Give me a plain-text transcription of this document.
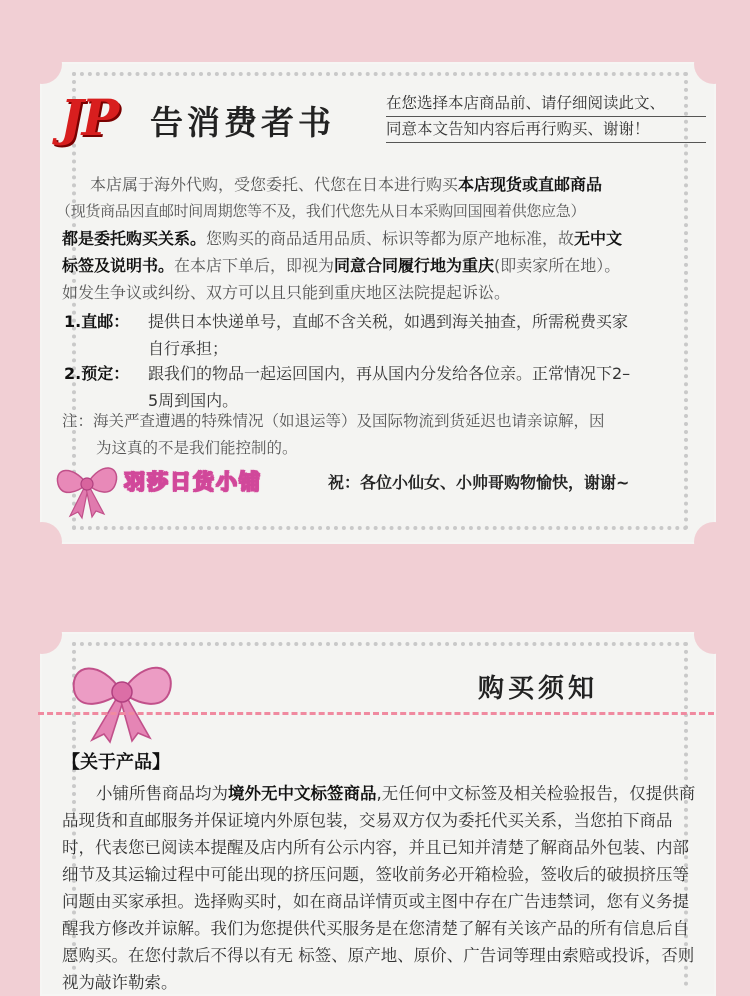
JP 告消费者书	在您选择本店商品前、请仔细阅读此文、
同意本文告知内容后再行购买、谢谢！
本店属于海外代购，受您委托、代您在日本进行购买本店现货或直邮商品
（现货商品因直邮时间周期您等不及，我们代您先从日本采购回国囤着供您应急）
都是委托购买关系。您购买的商品适用品质、标识等都为原产地标准，故无中文
标签及说明书。在本店下单后，即视为同意合同履行地为重庆(即卖家所在地）。
如发生争议或纠纷、双方可以且只能到重庆地区法院提起诉讼。
1.直邮： 提供日本快递单号，直邮不含关税，如遇到海关抽查，所需税费买家
自行承担；
2.预定： 跟我们的物品一起运回国内，再从国内分发给各位亲。正常情况下2–
5周到国内。
注：海关严查遭遇的特殊情况（如退运等）及国际物流到货延迟也请亲谅解，因
为这真的不是我们能控制的。
羽莎日货小铺	祝：各位小仙女、小帅哥购物愉快，谢谢~
购买须知
【关于产品】
小铺所售商品均为境外无中文标签商品,无任何中文标签及相关检验报告，仅提供商品现货和直邮服务并保证境内外原包装，交易双方仅为委托代买关系，当您拍下商品时，代表您已阅读本提醒及店内所有公示内容，并且已知并清楚了解商品外包装、内部细节及其运输过程中可能出现的挤压问题，签收前务必开箱检验，签收后的破损挤压等问题由买家承担。选择购买时，如在商品详情页或主图中存在广告违禁词，您有义务提醒我方修改并谅解。我们为您提供代买服务是在您清楚了解有关该产品的所有信息后自愿购买。在您付款后不得以有无 标签、原产地、原价、广告词等理由索赔或投诉，否则视为敲诈勒索。
